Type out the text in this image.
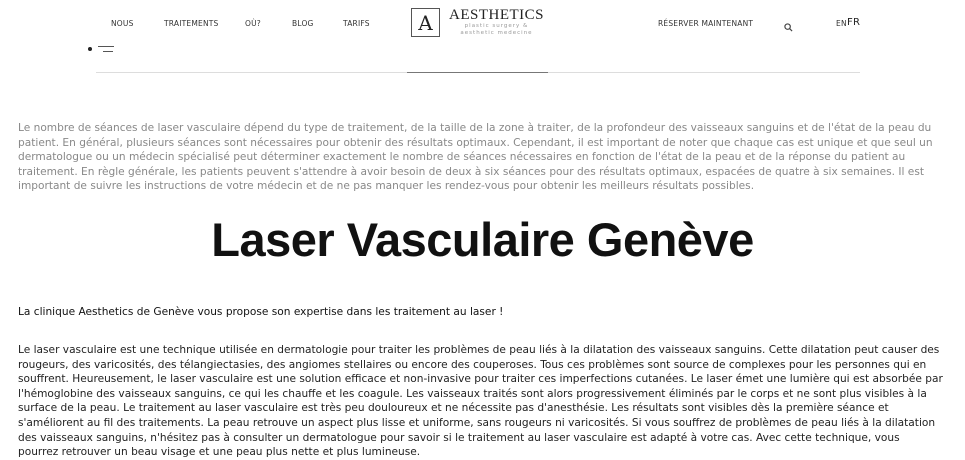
NOUS	TRAITEMENTS	OÙ?	BLOG	TARIFS	A	AESTHETICS
plastic surgery &
aesthetic medecine
RÉSERVER MAINTENANT	EN FR

Le nombre de séances de laser vasculaire dépend du type de traitement, de la taille de la zone à traiter, de la profondeur des vaisseaux sanguins et de l'état de la peau du patient. En général, plusieurs séances sont nécessaires pour obtenir des résultats optimaux. Cependant, il est important de noter que chaque cas est unique et que seul un dermatologue ou un médecin spécialisé peut déterminer exactement le nombre de séances nécessaires en fonction de l'état de la peau et de la réponse du patient au traitement. En règle générale, les patients peuvent s'attendre à avoir besoin de deux à six séances pour des résultats optimaux, espacées de quatre à six semaines. Il est important de suivre les instructions de votre médecin et de ne pas manquer les rendez-vous pour obtenir les meilleurs résultats possibles.

Laser Vasculaire Genève

La clinique Aesthetics de Genève vous propose son expertise dans les traitement au laser !

Le laser vasculaire est une technique utilisée en dermatologie pour traiter les problèmes de peau liés à la dilatation des vaisseaux sanguins. Cette dilatation peut causer des rougeurs, des varicosités, des télangiectasies, des angiomes stellaires ou encore des couperoses. Tous ces problèmes sont source de complexes pour les personnes qui en souffrent. Heureusement, le laser vasculaire est une solution efficace et non-invasive pour traiter ces imperfections cutanées. Le laser émet une lumière qui est absorbée par l'hémoglobine des vaisseaux sanguins, ce qui les chauffe et les coagule. Les vaisseaux traités sont alors progressivement éliminés par le corps et ne sont plus visibles à la surface de la peau. Le traitement au laser vasculaire est très peu douloureux et ne nécessite pas d'anesthésie. Les résultats sont visibles dès la première séance et s'améliorent au fil des traitements. La peau retrouve un aspect plus lisse et uniforme, sans rougeurs ni varicosités. Si vous souffrez de problèmes de peau liés à la dilatation des vaisseaux sanguins, n'hésitez pas à consulter un dermatologue pour savoir si le traitement au laser vasculaire est adapté à votre cas. Avec cette technique, vous pourrez retrouver un beau visage et une peau plus nette et plus lumineuse.
